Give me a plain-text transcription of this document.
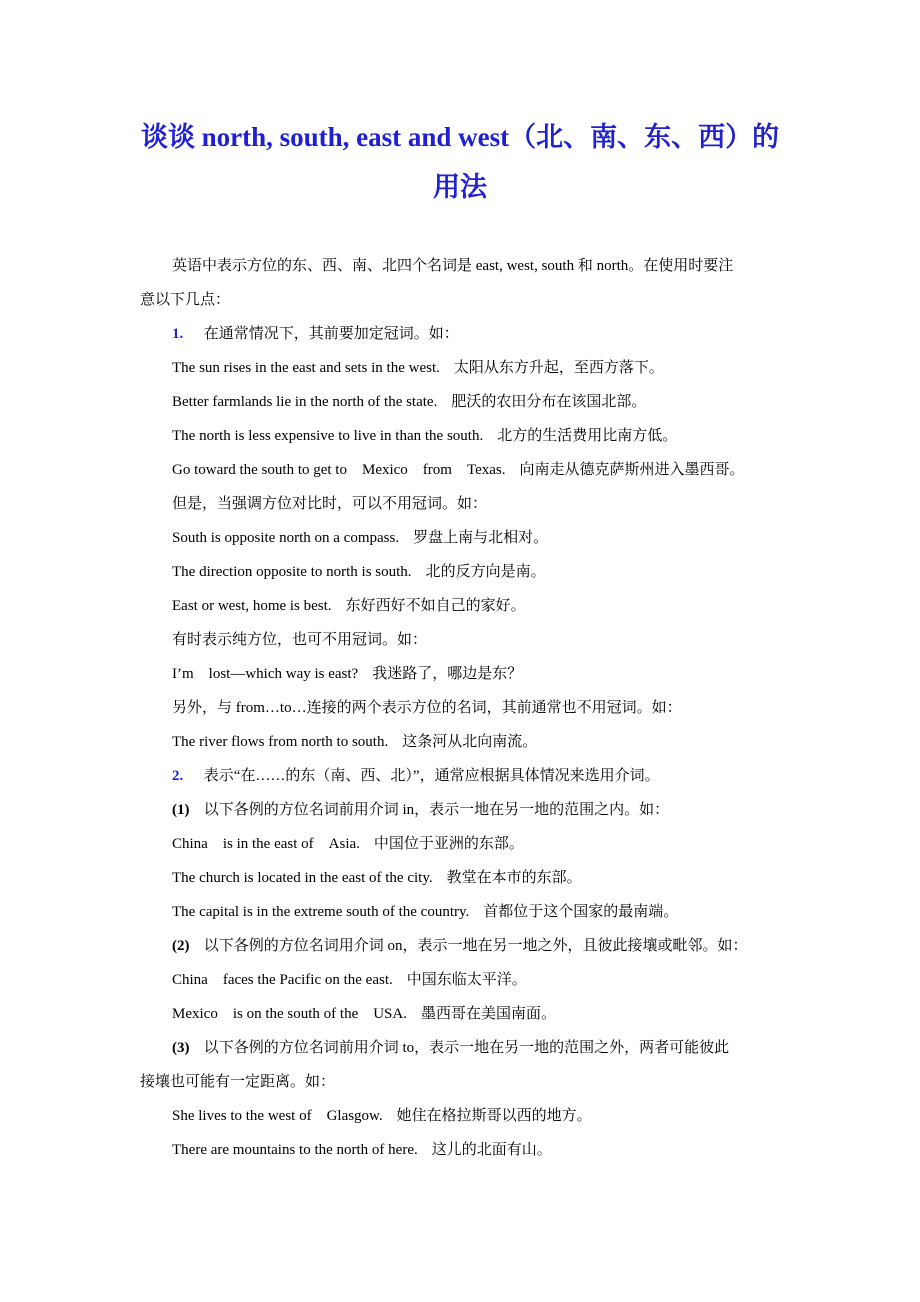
谈谈 north, south, east and west（北、南、东、西）的
用法
英语中表示方位的东、西、南、北四个名词是 east, west, south 和 north。在使用时要注
意以下几点：
1. 在通常情况下，其前要加定冠词。如：
The sun rises in the east and sets in the west. 太阳从东方升起，至西方落下。
Better farmlands lie in the north of the state. 肥沃的农田分布在该国北部。
The north is less expensive to live in than the south. 北方的生活费用比南方低。
Go toward the south to get to　Mexico　from　Texas. 向南走从德克萨斯州进入墨西哥。
但是，当强调方位对比时，可以不用冠词。如：
South is opposite north on a compass. 罗盘上南与北相对。
The direction opposite to north is south. 北的反方向是南。
East or west, home is best. 东好西好不如自己的家好。
有时表示纯方位，也可不用冠词。如：
I’m　lost—which way is east? 我迷路了，哪边是东？
另外，与 from…to…连接的两个表示方位的名词，其前通常也不用冠词。如：
The river flows from north to south. 这条河从北向南流。
2. 表示“在……的东（南、西、北）”，通常应根据具体情况来选用介词。
(1) 以下各例的方位名词前用介词 in，表示一地在另一地的范围之内。如：
China　is in the east of　Asia. 中国位于亚洲的东部。
The church is located in the east of the city. 教堂在本市的东部。
The capital is in the extreme south of the country. 首都位于这个国家的最南端。
(2) 以下各例的方位名词用介词 on，表示一地在另一地之外，且彼此接壤或毗邻。如：
China　faces the Pacific on the east. 中国东临太平洋。
Mexico　is on the south of the　USA. 墨西哥在美国南面。
(3) 以下各例的方位名词前用介词 to，表示一地在另一地的范围之外，两者可能彼此
接壤也可能有一定距离。如：
She lives to the west of　Glasgow. 她住在格拉斯哥以西的地方。
There are mountains to the north of here. 这儿的北面有山。
